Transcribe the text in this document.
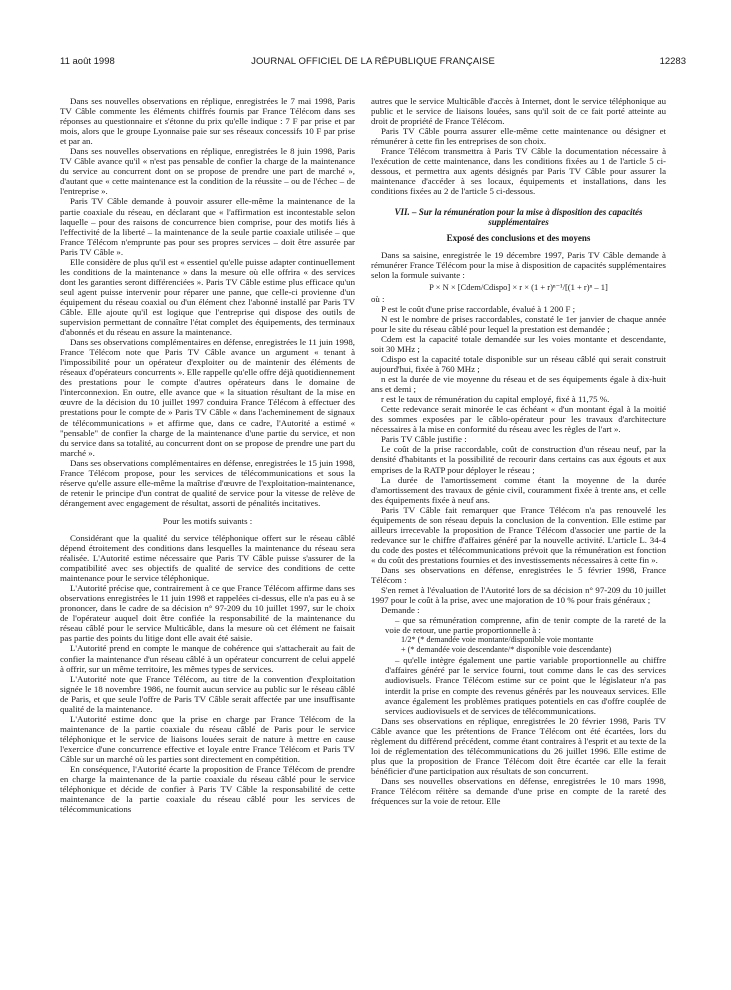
11 août 1998	JOURNAL OFFICIEL DE LA RÉPUBLIQUE FRANÇAISE	12283

Dans ses nouvelles observations en réplique, enregistrées le 7 mai 1998, Paris TV Câble commente les éléments chiffrés fournis par France Télécom dans ses réponses au questionnaire et s'étonne du prix qu'elle indique : 7 F par prise et par mois, alors que le groupe Lyonnaise paie sur ses réseaux concessifs 10 F par prise et par an.

Dans ses nouvelles observations en réplique, enregistrées le 8 juin 1998, Paris TV Câble avance qu'il « n'est pas pensable de confier la charge de la maintenance du service au concurrent dont on se propose de prendre une part de marché », d'autant que « cette maintenance est la condition de la réussite – ou de l'échec – de l'entreprise ».

Paris TV Câble demande à pouvoir assurer elle-même la maintenance de la partie coaxiale du réseau, en déclarant que « l'affirmation est incontestable selon laquelle – pour des raisons de concurrence bien comprise, pour des motifs liés à l'effectivité de la liberté – la maintenance de la seule partie coaxiale utilisée – que France Télécom n'emprunte pas pour ses propres services – doit être assurée par Paris TV Câble ».

Elle considère de plus qu'il est « essentiel qu'elle puisse adapter continuellement les conditions de la maintenance » dans la mesure où elle offrira « des services dont les garanties seront différenciées ». Paris TV Câble estime plus efficace qu'un seul agent puisse intervenir pour réparer une panne, que celle-ci provienne d'un équipement du réseau coaxial ou d'un élément chez l'abonné installé par Paris TV Câble. Elle ajoute qu'il est logique que l'entreprise qui dispose des outils de supervision permettant de connaître l'état complet des équipements, des terminaux d'abonnés et du réseau en assure la maintenance.

Dans ses observations complémentaires en défense, enregistrées le 11 juin 1998, France Télécom note que Paris TV Câble avance un argument « tenant à l'impossibilité pour un opérateur d'exploiter ou de maintenir des éléments de réseaux d'opérateurs concurrents ». Elle rappelle qu'elle offre déjà quotidiennement des prestations pour le compte d'autres opérateurs dans le domaine de l'interconnexion. En outre, elle avance que « la situation résultant de la mise en œuvre de la décision du 10 juillet 1997 conduira France Télécom à effectuer des prestations pour le compte de » Paris TV Câble « dans l'acheminement de signaux de télécommunications » et affirme que, dans ce cadre, l'Autorité a estimé « "pensable" de confier la charge de la maintenance d'une partie du service, et non du service dans sa totalité, au concurrent dont on se propose de prendre une part du marché ».

Dans ses observations complémentaires en défense, enregistrées le 15 juin 1998, France Télécom propose, pour les services de télécommunications et sous la réserve qu'elle assure elle-même la maîtrise d'œuvre de l'exploitation-maintenance, de retenir le principe d'un contrat de qualité de service pour la vitesse de relève de dérangement avec engagement de résultat, assorti de pénalités incitatives.

Pour les motifs suivants :

Considérant que la qualité du service téléphonique offert sur le réseau câblé dépend étroitement des conditions dans lesquelles la maintenance du réseau sera réalisée. L'Autorité estime nécessaire que Paris TV Câble puisse s'assurer de la compatibilité avec ses objectifs de qualité de service des conditions de cette maintenance pour le service téléphonique.

L'Autorité précise que, contrairement à ce que France Télécom affirme dans ses observations enregistrées le 11 juin 1998 et rappelées ci-dessus, elle n'a pas eu à se prononcer, dans le cadre de sa décision n° 97-209 du 10 juillet 1997, sur le choix de l'opérateur auquel doit être confiée la responsabilité de la maintenance du réseau câblé pour le service Multicâble, dans la mesure où cet élément ne faisait pas partie des points du litige dont elle avait été saisie.

L'Autorité prend en compte le manque de cohérence qui s'attacherait au fait de confier la maintenance d'un réseau câblé à un opérateur concurrent de celui appelé à offrir, sur un même territoire, les mêmes types de services.

L'Autorité note que France Télécom, au titre de la convention d'exploitation signée le 18 novembre 1986, ne fournit aucun service au public sur le réseau câblé de Paris, et que seule l'offre de Paris TV Câble serait affectée par une insuffisante qualité de la maintenance.

L'Autorité estime donc que la prise en charge par France Télécom de la maintenance de la partie coaxiale du réseau câblé de Paris pour le service téléphonique et le service de liaisons louées serait de nature à mettre en cause l'exercice d'une concurrence effective et loyale entre France Télécom et Paris TV Câble sur un marché où les parties sont directement en compétition.

En conséquence, l'Autorité écarte la proposition de France Télécom de prendre en charge la maintenance de la partie coaxiale du réseau câblé pour le service téléphonique et décide de confier à Paris TV Câble la responsabilité de cette maintenance de la partie coaxiale du réseau câblé pour les services de télécommunications

autres que le service Multicâble d'accès à Internet, dont le service téléphonique au public et le service de liaisons louées, sans qu'il soit de ce fait porté atteinte au droit de propriété de France Télécom.

Paris TV Câble pourra assurer elle-même cette maintenance ou désigner et rémunérer à cette fin les entreprises de son choix.

France Télécom transmettra à Paris TV Câble la documentation nécessaire à l'exécution de cette maintenance, dans les conditions fixées au 1 de l'article 5 ci-dessous, et permettra aux agents désignés par Paris TV Câble pour assurer la maintenance d'accéder à ses locaux, équipements et installations, dans les conditions fixées au 2 de l'article 5 ci-dessous.

VII. – Sur la rémunération pour la mise à disposition des capacités supplémentaires
Exposé des conclusions et des moyens

Dans sa saisine, enregistrée le 19 décembre 1997, Paris TV Câble demande à rémunérer France Télécom pour la mise à disposition de capacités supplémentaires selon la formule suivante :

P × N × [Cdem/Cdispo] × r × (1 + r)ⁿ⁻¹/[(1 + r)ⁿ – 1]

où :

P est le coût d'une prise raccordable, évalué à 1 200 F ;

N est le nombre de prises raccordables, constaté le 1er janvier de chaque année pour le site du réseau câblé pour lequel la prestation est demandée ;

Cdem est la capacité totale demandée sur les voies montante et descendante, soit 30 MHz ;

Cdispo est la capacité totale disponible sur un réseau câblé qui serait construit aujourd'hui, fixée à 760 MHz ;

n est la durée de vie moyenne du réseau et de ses équipements égale à dix-huit ans et demi ;

r est le taux de rémunération du capital employé, fixé à 11,75 %.

Cette redevance serait minorée le cas échéant « d'un montant égal à la moitié des sommes exposées par le câblo-opérateur pour les travaux d'architecture nécessaires à la mise en conformité du réseau avec les règles de l'art ».

Paris TV Câble justifie :

Le coût de la prise raccordable, coût de construction d'un réseau neuf, par la densité d'habitants et la possibilité de recourir dans certains cas aux égouts et aux emprises de la RATP pour déployer le réseau ;

La durée de l'amortissement comme étant la moyenne de la durée d'amortissement des travaux de génie civil, couramment fixée à trente ans, et celle des équipements fixée à neuf ans.

Paris TV Câble fait remarquer que France Télécom n'a pas renouvelé les équipements de son réseau depuis la conclusion de la convention. Elle estime par ailleurs irrecevable la proposition de France Télécom d'associer une partie de la redevance sur le chiffre d'affaires généré par la nouvelle activité. L'article L. 34-4 du code des postes et télécommunications prévoit que la rémunération est fonction « du coût des prestations fournies et des investissements nécessaires à cette fin ».

Dans ses observations en défense, enregistrées le 5 février 1998, France Télécom :

S'en remet à l'évaluation de l'Autorité lors de sa décision n° 97-209 du 10 juillet 1997 pour le coût à la prise, avec une majoration de 10 % pour frais généraux ;

Demande :

– que sa rémunération comprenne, afin de tenir compte de la rareté de la voie de retour, une partie proportionnelle à :

1/2* (* demandée voie montante/disponible voie montante

+ (* demandée voie descendante/* disponible voie descendante)

– qu'elle intègre également une partie variable proportionnelle au chiffre d'affaires généré par le service fourni, tout comme dans le cas des services audiovisuels. France Télécom estime sur ce point que le législateur n'a pas interdit la prise en compte des revenus générés par les nouveaux services. Elle avance également les problèmes pratiques potentiels en cas d'offre couplée de services audiovisuels et de services de télécommunications.

Dans ses observations en réplique, enregistrées le 20 février 1998, Paris TV Câble avance que les prétentions de France Télécom ont été écartées, lors du règlement du différend précédent, comme étant contraires à l'esprit et au texte de la loi de réglementation des télécommunications du 26 juillet 1996. Elle estime de plus que la proposition de France Télécom doit être écartée car elle la ferait bénéficier d'une participation aux résultats de son concurrent.

Dans ses nouvelles observations en défense, enregistrées le 10 mars 1998, France Télécom réitère sa demande d'une prise en compte de la rareté des fréquences sur la voie de retour. Elle
